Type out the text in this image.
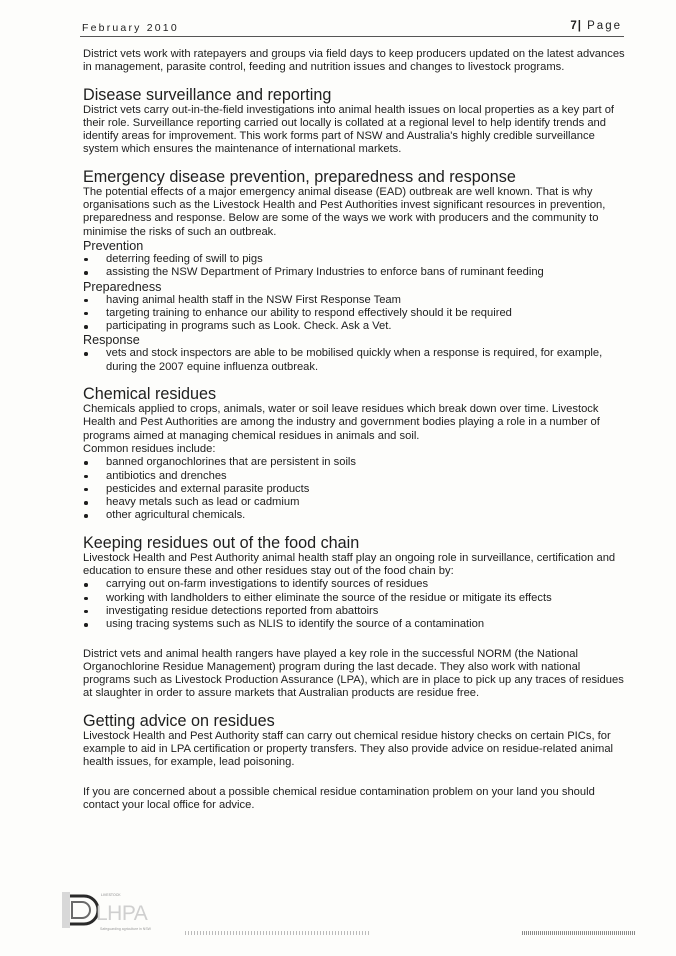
February 2010	7| Page

District vets work with ratepayers and groups via field days to keep producers updated on the latest advances in management, parasite control, feeding and nutrition issues and changes to livestock programs.

Disease surveillance and reporting

District vets carry out-in-the-field investigations into animal health issues on local properties as a key part of their role. Surveillance reporting carried out locally is collated at a regional level to help identify trends and identify areas for improvement. This work forms part of NSW and Australia's highly credible surveillance system which ensures the maintenance of international markets.

Emergency disease prevention, preparedness and response

The potential effects of a major emergency animal disease (EAD) outbreak are well known. That is why organisations such as the Livestock Health and Pest Authorities invest significant resources in prevention, preparedness and response. Below are some of the ways we work with producers and the community to minimise the risks of such an outbreak.

Prevention
deterring feeding of swill to pigs
assisting the NSW Department of Primary Industries to enforce bans of ruminant feeding
Preparedness
having animal health staff in the NSW First Response Team
targeting training to enhance our ability to respond effectively should it be required
participating in programs such as Look. Check. Ask a Vet.
Response
vets and stock inspectors are able to be mobilised quickly when a response is required, for example, during the 2007 equine influenza outbreak.
Chemical residues

Chemicals applied to crops, animals, water or soil leave residues which break down over time. Livestock Health and Pest Authorities are among the industry and government bodies playing a role in a number of programs aimed at managing chemical residues in animals and soil.

Common residues include:

banned organochlorines that are persistent in soils
antibiotics and drenches
pesticides and external parasite products
heavy metals such as lead or cadmium
other agricultural chemicals.
Keeping residues out of the food chain

Livestock Health and Pest Authority animal health staff play an ongoing role in surveillance, certification and education to ensure these and other residues stay out of the food chain by:

carrying out on-farm investigations to identify sources of residues
working with landholders to either eliminate the source of the residue or mitigate its effects
investigating residue detections reported from abattoirs
using tracing systems such as NLIS to identify the source of a contamination

District vets and animal health rangers have played a key role in the successful NORM (the National Organochlorine Residue Management) program during the last decade. They also work with national programs such as Livestock Production Assurance (LPA), which are in place to pick up any traces of residues at slaughter in order to assure markets that Australian products are residue free.

Getting advice on residues

Livestock Health and Pest Authority staff can carry out chemical residue history checks on certain PICs, for example to aid in LPA certification or property transfers. They also provide advice on residue-related animal health issues, for example, lead poisoning.

If you are concerned about a possible chemical residue contamination problem on your land you should contact your local office for advice.

LIVESTOCK
LHPA
Safeguarding agriculture in NSW
